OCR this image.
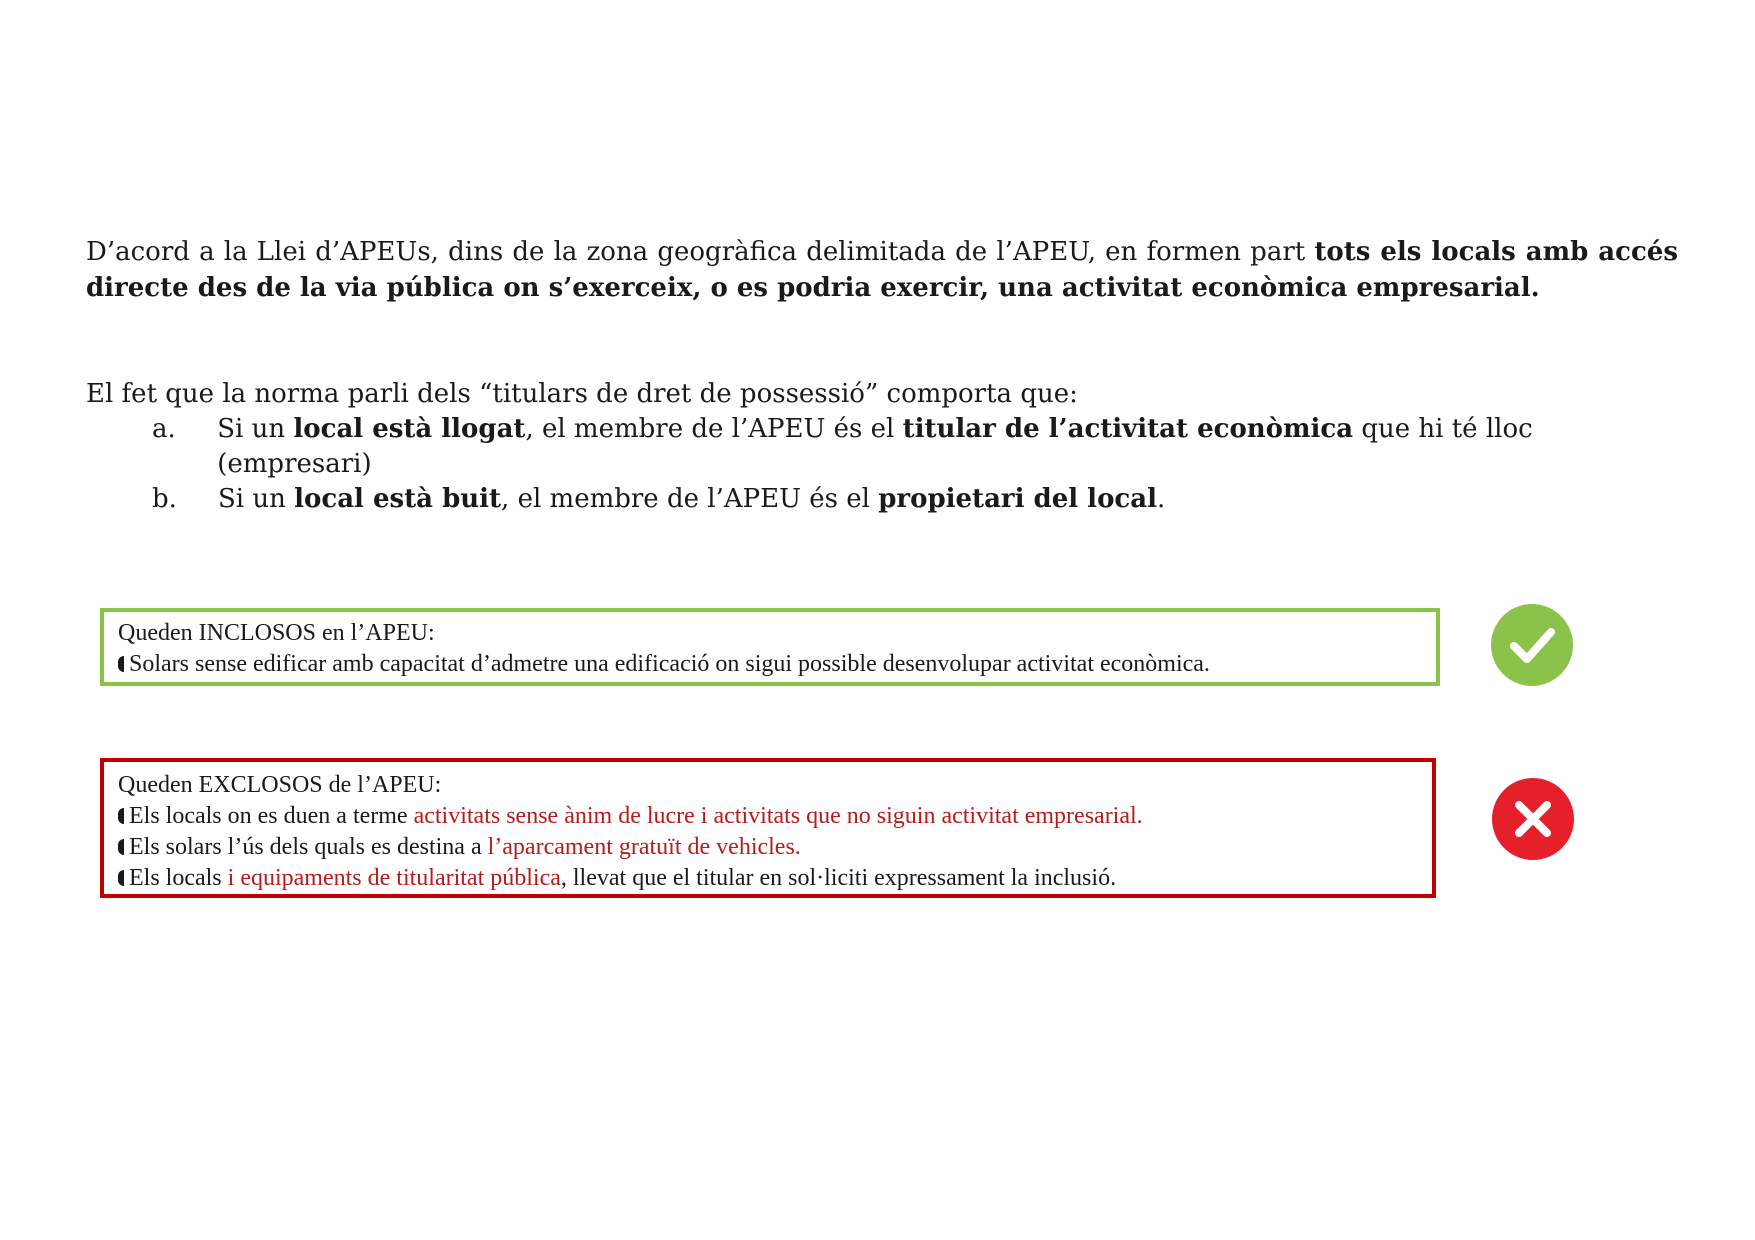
D’acord a la Llei d’APEUs, dins de la zona geogràfica delimitada de l’APEU, en formen part tots els locals amb accés directe des de la via pública on s’exerceix, o es podria exercir, una activitat econòmica empresarial.

El fet que la norma parli dels “titulars de dret de possessió” comporta que:
a.	Si un local està llogat, el membre de l’APEU és el titular de l’activitat econòmica que hi té lloc (empresari)
b.	Si un local està buit, el membre de l’APEU és el propietari del local.
Queden INCLOSOS en l’APEU:
Solars sense edificar amb capacitat d’admetre una edificació on sigui possible desenvolupar activitat econòmica.
Queden EXCLOSOS de l’APEU:
Els locals on es duen a terme activitats sense ànim de lucre i activitats que no siguin activitat empresarial.
Els solars l’ús dels quals es destina a l’aparcament gratuït de vehicles.
Els locals i equipaments de titularitat pública, llevat que el titular en sol·liciti expressament la inclusió.
